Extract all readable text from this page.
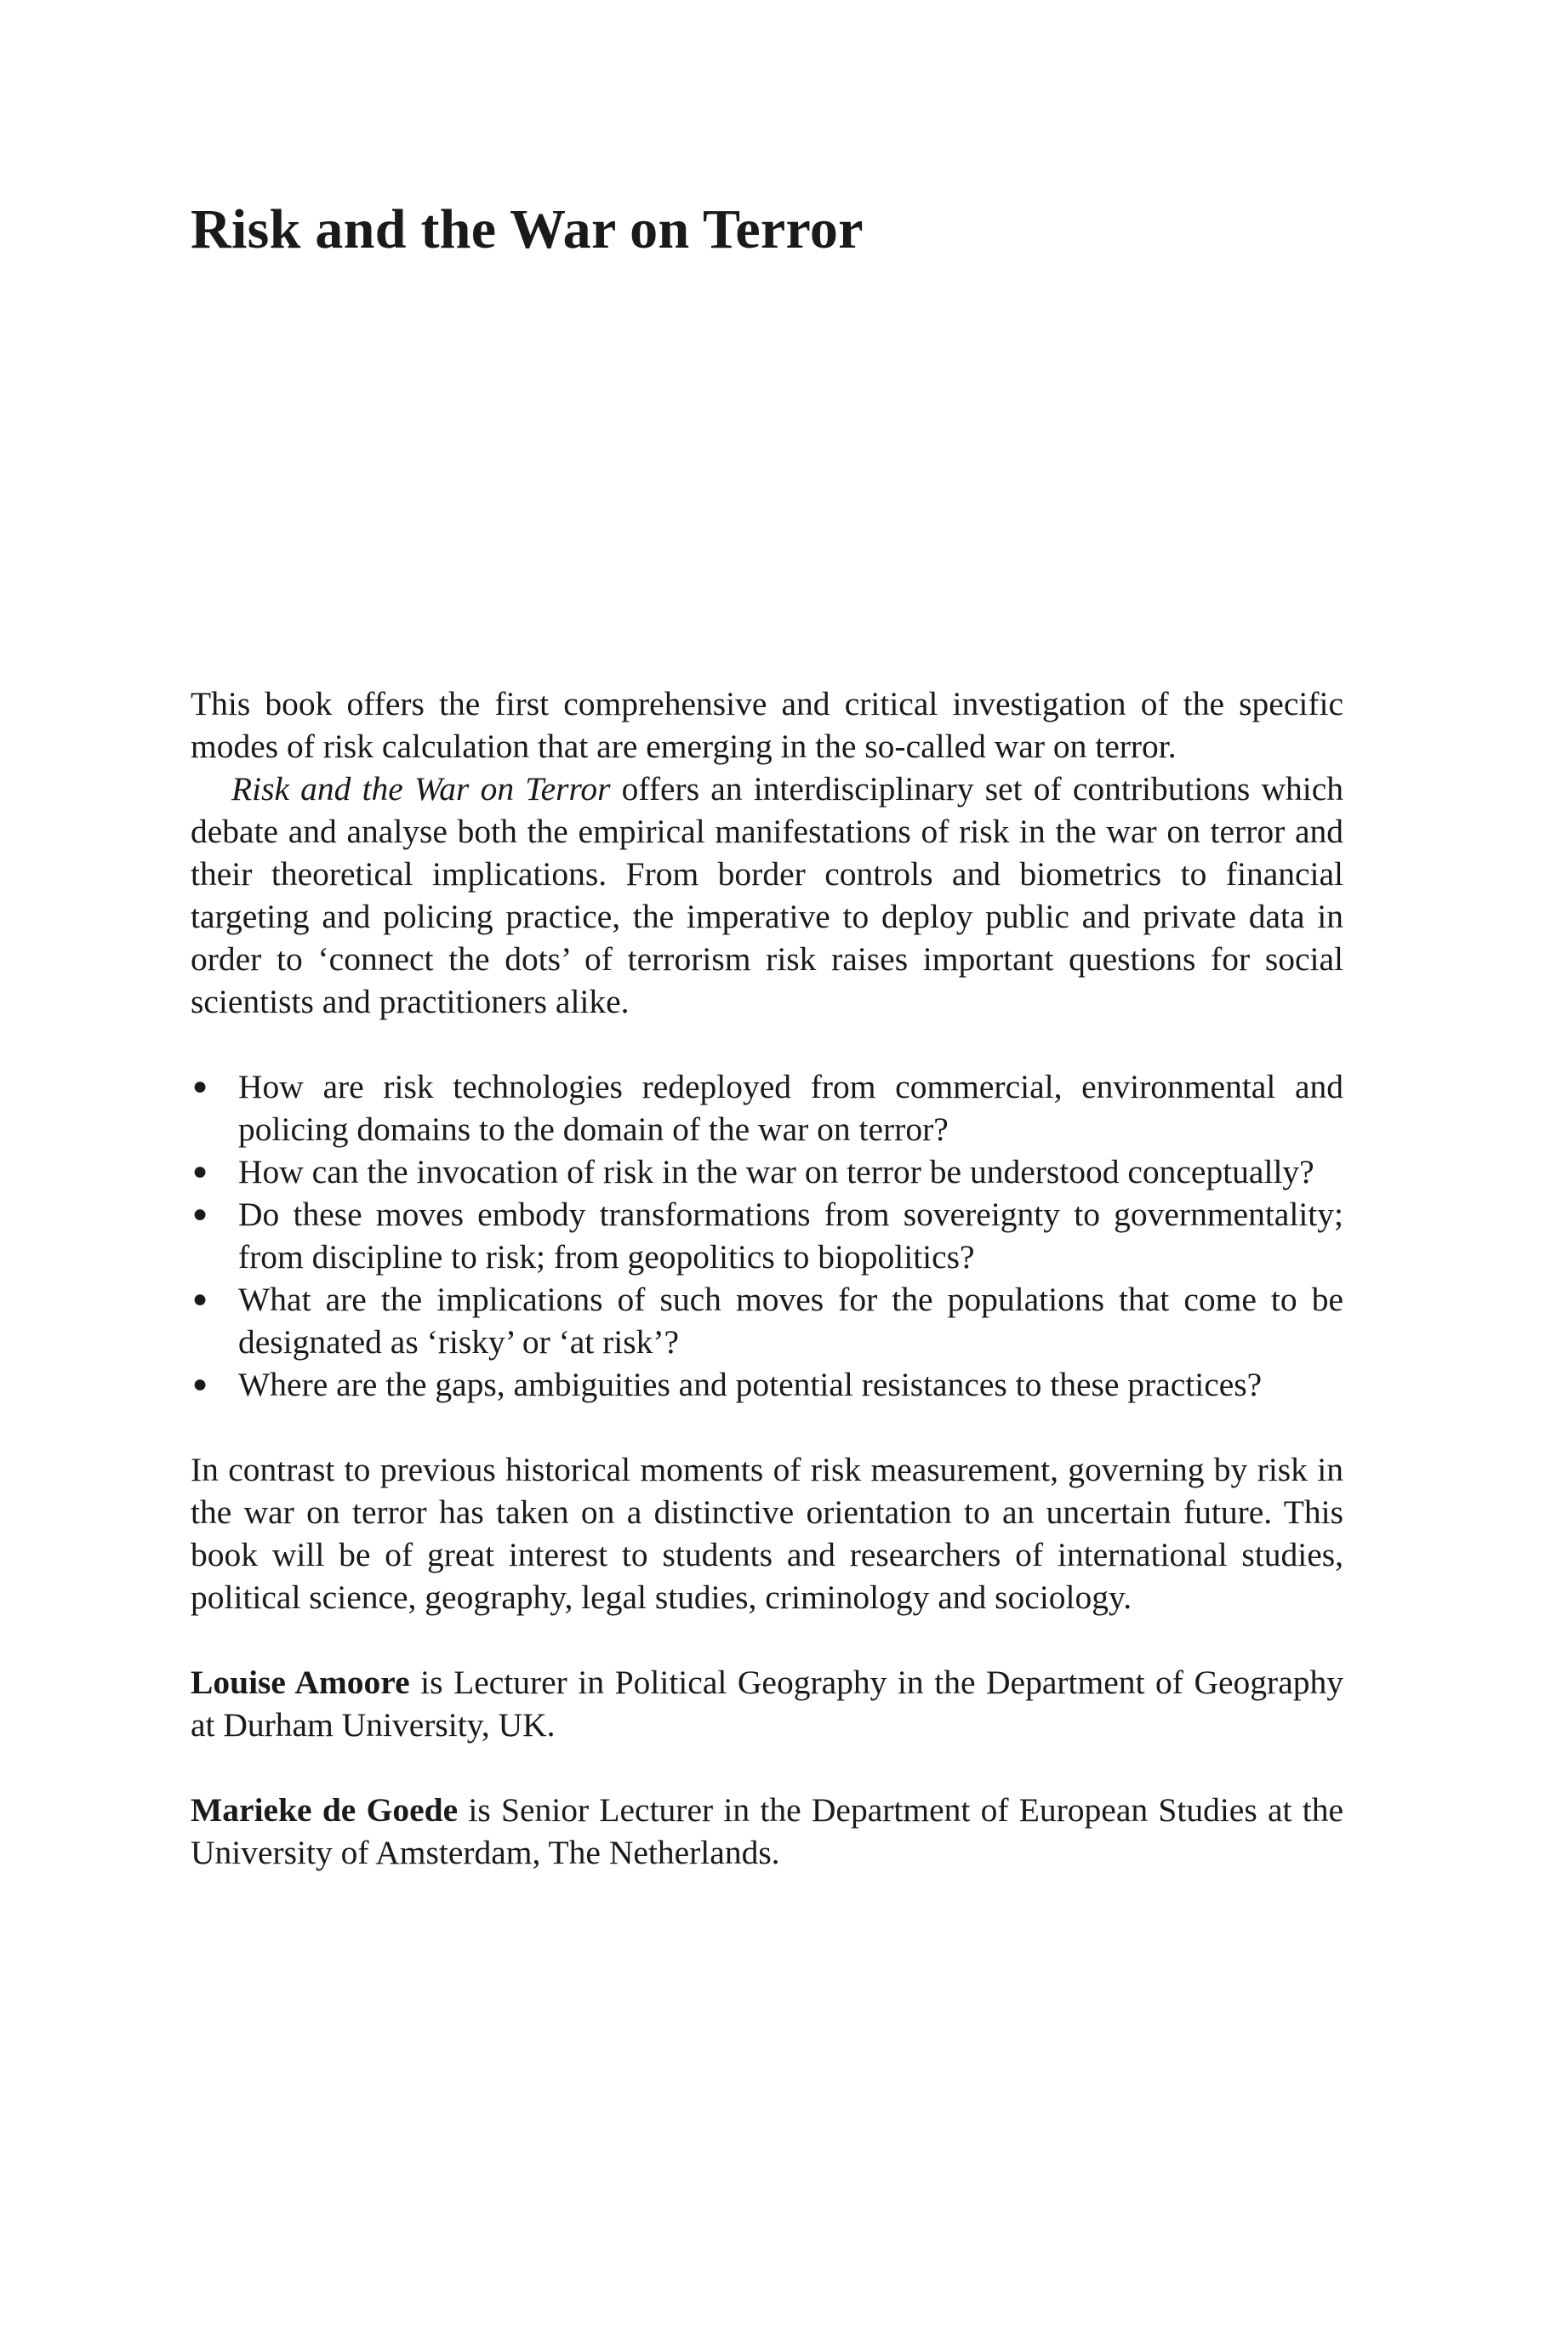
Risk and the War on Terror

This book offers the first comprehensive and critical investigation of the specific modes of risk calculation that are emerging in the so-called war on terror.

Risk and the War on Terror offers an interdisciplinary set of contributions which debate and analyse both the empirical manifestations of risk in the war on terror and their theoretical implications. From border controls and biometrics to financial targeting and policing practice, the imperative to deploy public and private data in order to ‘connect the dots’ of terrorism risk raises important questions for social scientists and practitioners alike.

● How are risk technologies redeployed from commercial, environmental and policing domains to the domain of the war on terror?
● How can the invocation of risk in the war on terror be understood conceptually?
● Do these moves embody transformations from sovereignty to governmentality; from discipline to risk; from geopolitics to biopolitics?
● What are the implications of such moves for the populations that come to be designated as ‘risky’ or ‘at risk’?
● Where are the gaps, ambiguities and potential resistances to these practices?

In contrast to previous historical moments of risk measurement, governing by risk in the war on terror has taken on a distinctive orientation to an uncertain future. This book will be of great interest to students and researchers of international studies, political science, geography, legal studies, criminology and sociology.

Louise Amoore is Lecturer in Political Geography in the Department of Geography at Durham University, UK.

Marieke de Goede is Senior Lecturer in the Department of European Studies at the University of Amsterdam, The Netherlands.
